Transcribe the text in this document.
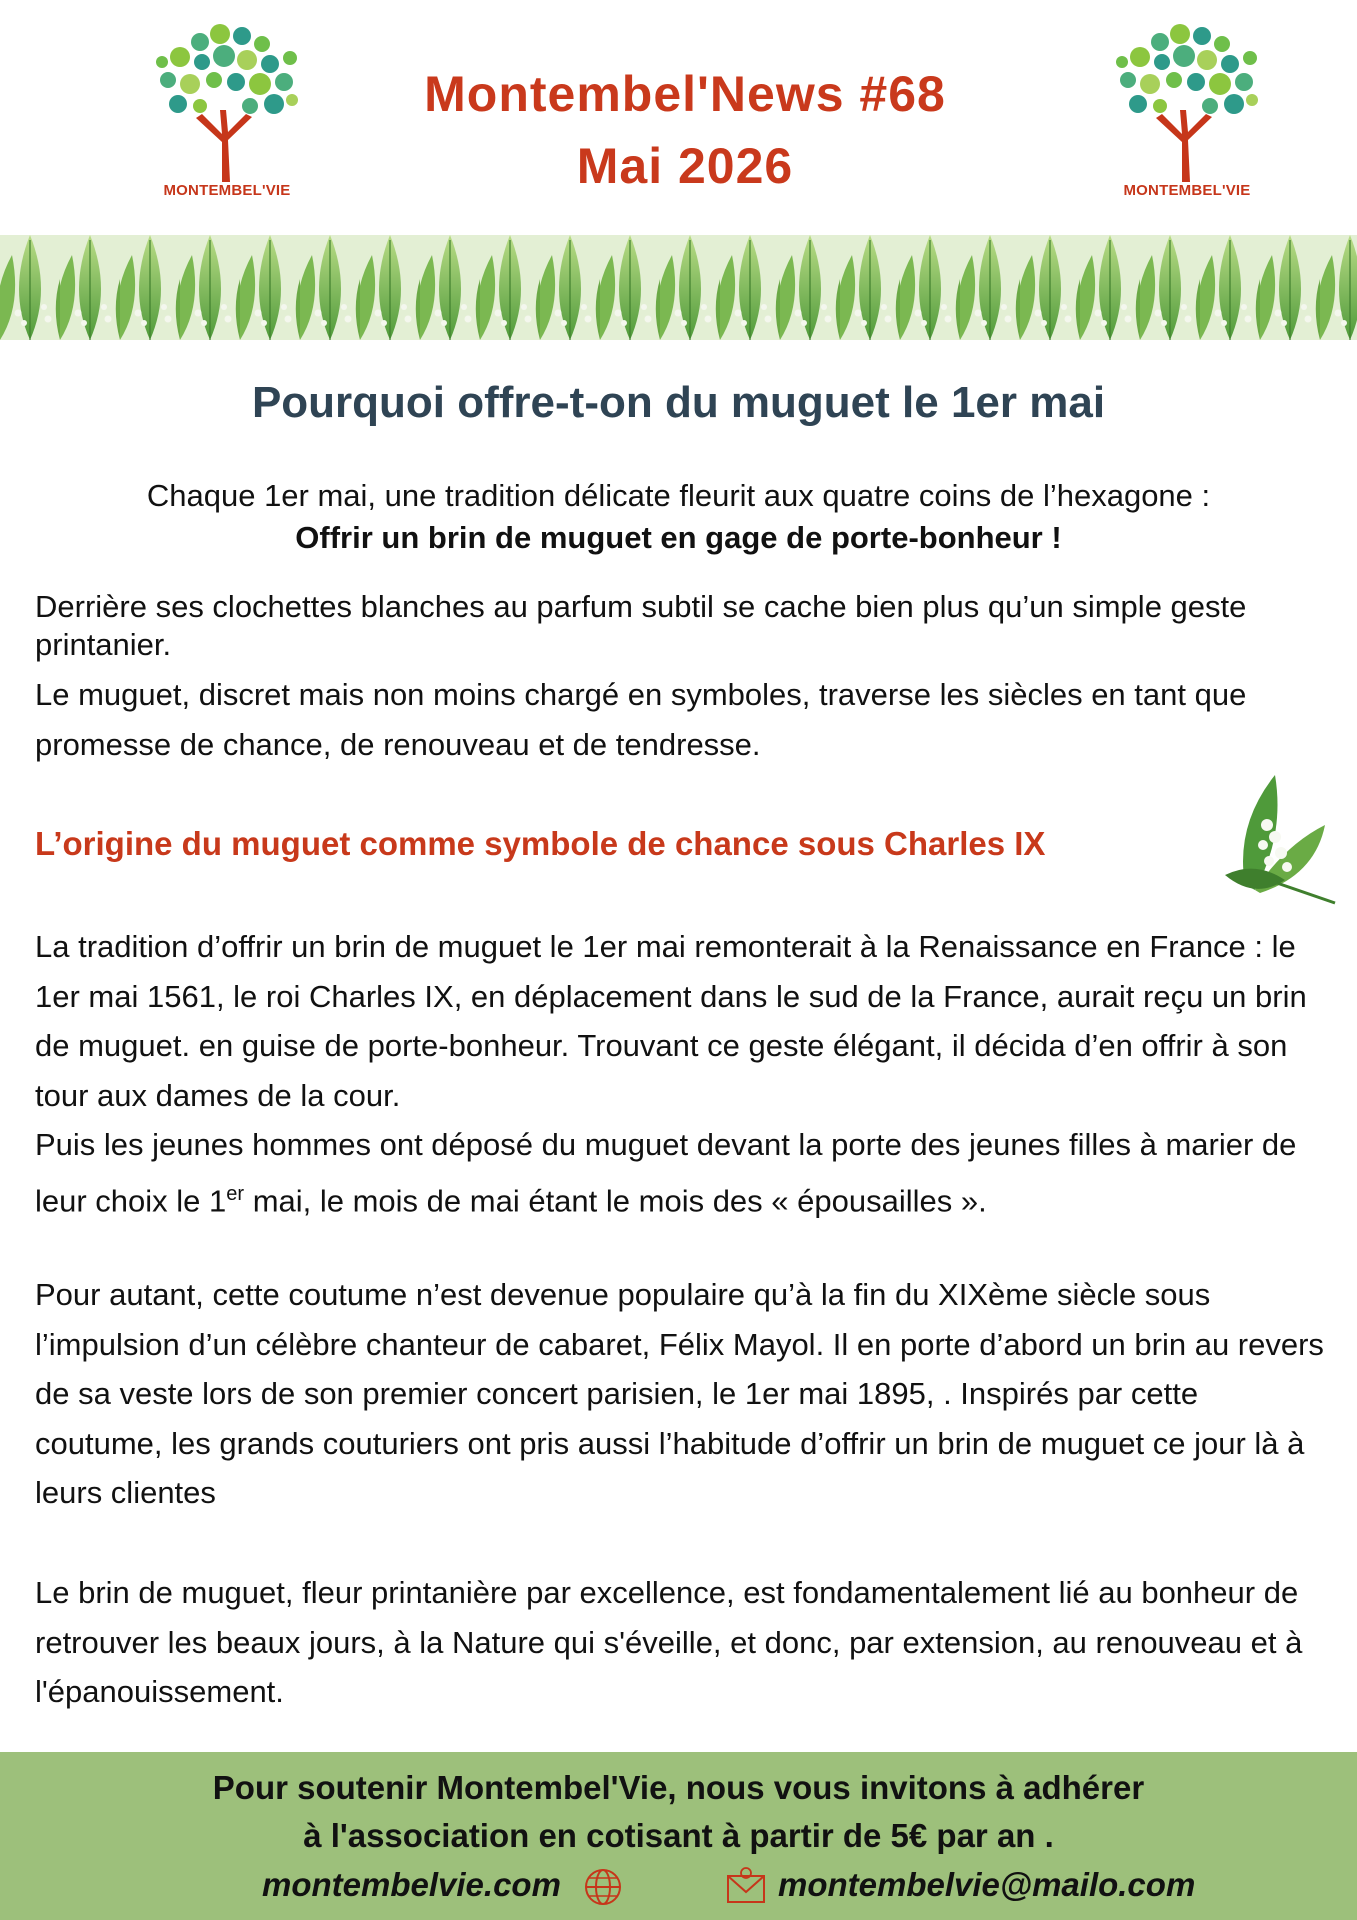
MONTEMBEL'VIE
Montembel'News #68
Mai 2026	MONTEMBEL'VIE
Pourquoi offre-t-on du muguet le 1er mai
Chaque 1er mai, une tradition délicate fleurit aux quatre coins de l’hexagone :
Offrir un brin de muguet en gage de porte-bonheur !
Derrière ses clochettes blanches au parfum subtil se cache bien plus qu’un simple geste printanier.
Le muguet, discret mais non moins chargé en symboles, traverse les siècles en tant que promesse de chance, de renouveau et de tendresse.
L’origine du muguet comme symbole de chance sous Charles IX
La tradition d’offrir un brin de muguet le 1er mai remonterait à la Renaissance en France : le 1er mai 1561, le roi Charles IX, en déplacement dans le sud de la France, aurait reçu un brin de muguet. en guise de porte-bonheur. Trouvant ce geste élégant, il décida d’en offrir à son tour aux dames de la cour.
Puis les jeunes hommes ont déposé du muguet devant la porte des jeunes filles à marier de leur choix le 1er mai, le mois de mai étant le mois des « épousailles ».
Pour autant, cette coutume n’est devenue populaire qu’à la fin du XIXème siècle sous l’impulsion d’un célèbre chanteur de cabaret, Félix Mayol. Il en porte d’abord un brin au revers de sa veste lors de son premier concert parisien, le 1er mai 1895, . Inspirés par cette coutume, les grands couturiers ont pris aussi l’habitude d’offrir un brin de muguet ce jour là à leurs clientes
Le brin de muguet, fleur printanière par excellence, est fondamentalement lié au bonheur de retrouver les beaux jours, à la Nature qui s'éveille, et donc, par extension, au renouveau et à l'épanouissement.
Pour soutenir Montembel'Vie, nous vous invitons à adhérer
à l'association en cotisant à partir de 5€ par an .
montembelvie.com	montembelvie@mailo.com
